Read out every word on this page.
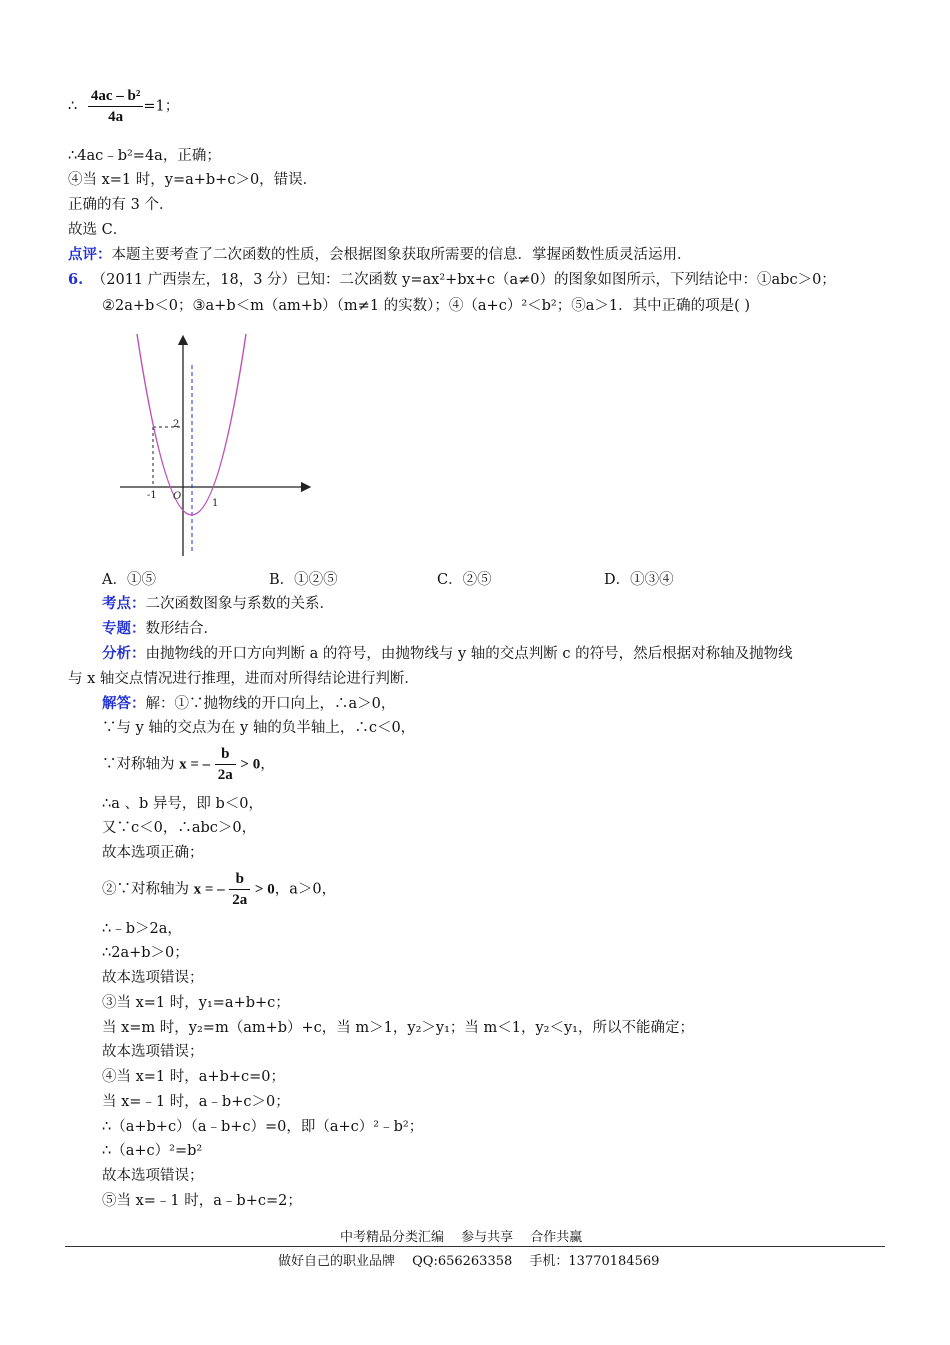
∴ $\frac{\text{4ac – b²}}{4a} =1$；
∴4ac﹣b²=4a，正确；
④当 x=1 时，y=a+b+c＞0，错误．
正确的有 3 个．
故选 C．
点评：本题主要考查了二次函数的性质，会根据图象获取所需要的信息．掌握函数性质灵活运用．
6. （2011 广西崇左，18，3 分）已知：二次函数 y=ax²+bx+c（a≠0）的图象如图所示，下列结论中：①abc＞0；
②2a+b＜0；③a+b＜m（am+b）（m≠1 的实数）；④（a+c）²＜b²；⑤a＞1．其中正确的项是( )
2
-1 O
1
A．①⑤	B．①②⑤	C．②⑤	D．①③④
考点：二次函数图象与系数的关系．
专题：数形结合．
分析：由抛物线的开口方向判断 a 的符号，由抛物线与 y 轴的交点判断 c 的符号，然后根据对称轴及抛物线
与 x 轴交点情况进行推理，进而对所得结论进行判断．
解答：解：①∵抛物线的开口向上，∴a＞0，
∵与 y 轴的交点为在 y 轴的负半轴上，∴c＜0，
∵对称轴为 x = – $\frac{b}{2a} > 0$，
∴a 、b 异号，即 b＜0，
又∵c＜0，∴abc＞0，
故本选项正确；
②∵对称轴为 x = – $\frac{b}{2a} > 0$，a＞0，
∴﹣b＞2a，
∴2a+b＞0；
故本选项错误；
③当 x=1 时，y₁=a+b+c；
当 x=m 时，y₂=m（am+b）+c，当 m＞1，y₂＞y₁；当 m＜1，y₂＜y₁，所以不能确定；
故本选项错误；
④当 x=1 时，a+b+c=0；
当 x=﹣1 时，a﹣b+c＞0；
∴（a+b+c）（a﹣b+c）=0，即（a+c）²﹣b²；
∴（a+c）²=b²
故本选项错误；
⑤当 x=﹣1 时，a﹣b+c=2；
中考精品分类汇编　 参与共享　 合作共赢
做好自己的职业品牌　 QQ:656263358　 手机：13770184569
